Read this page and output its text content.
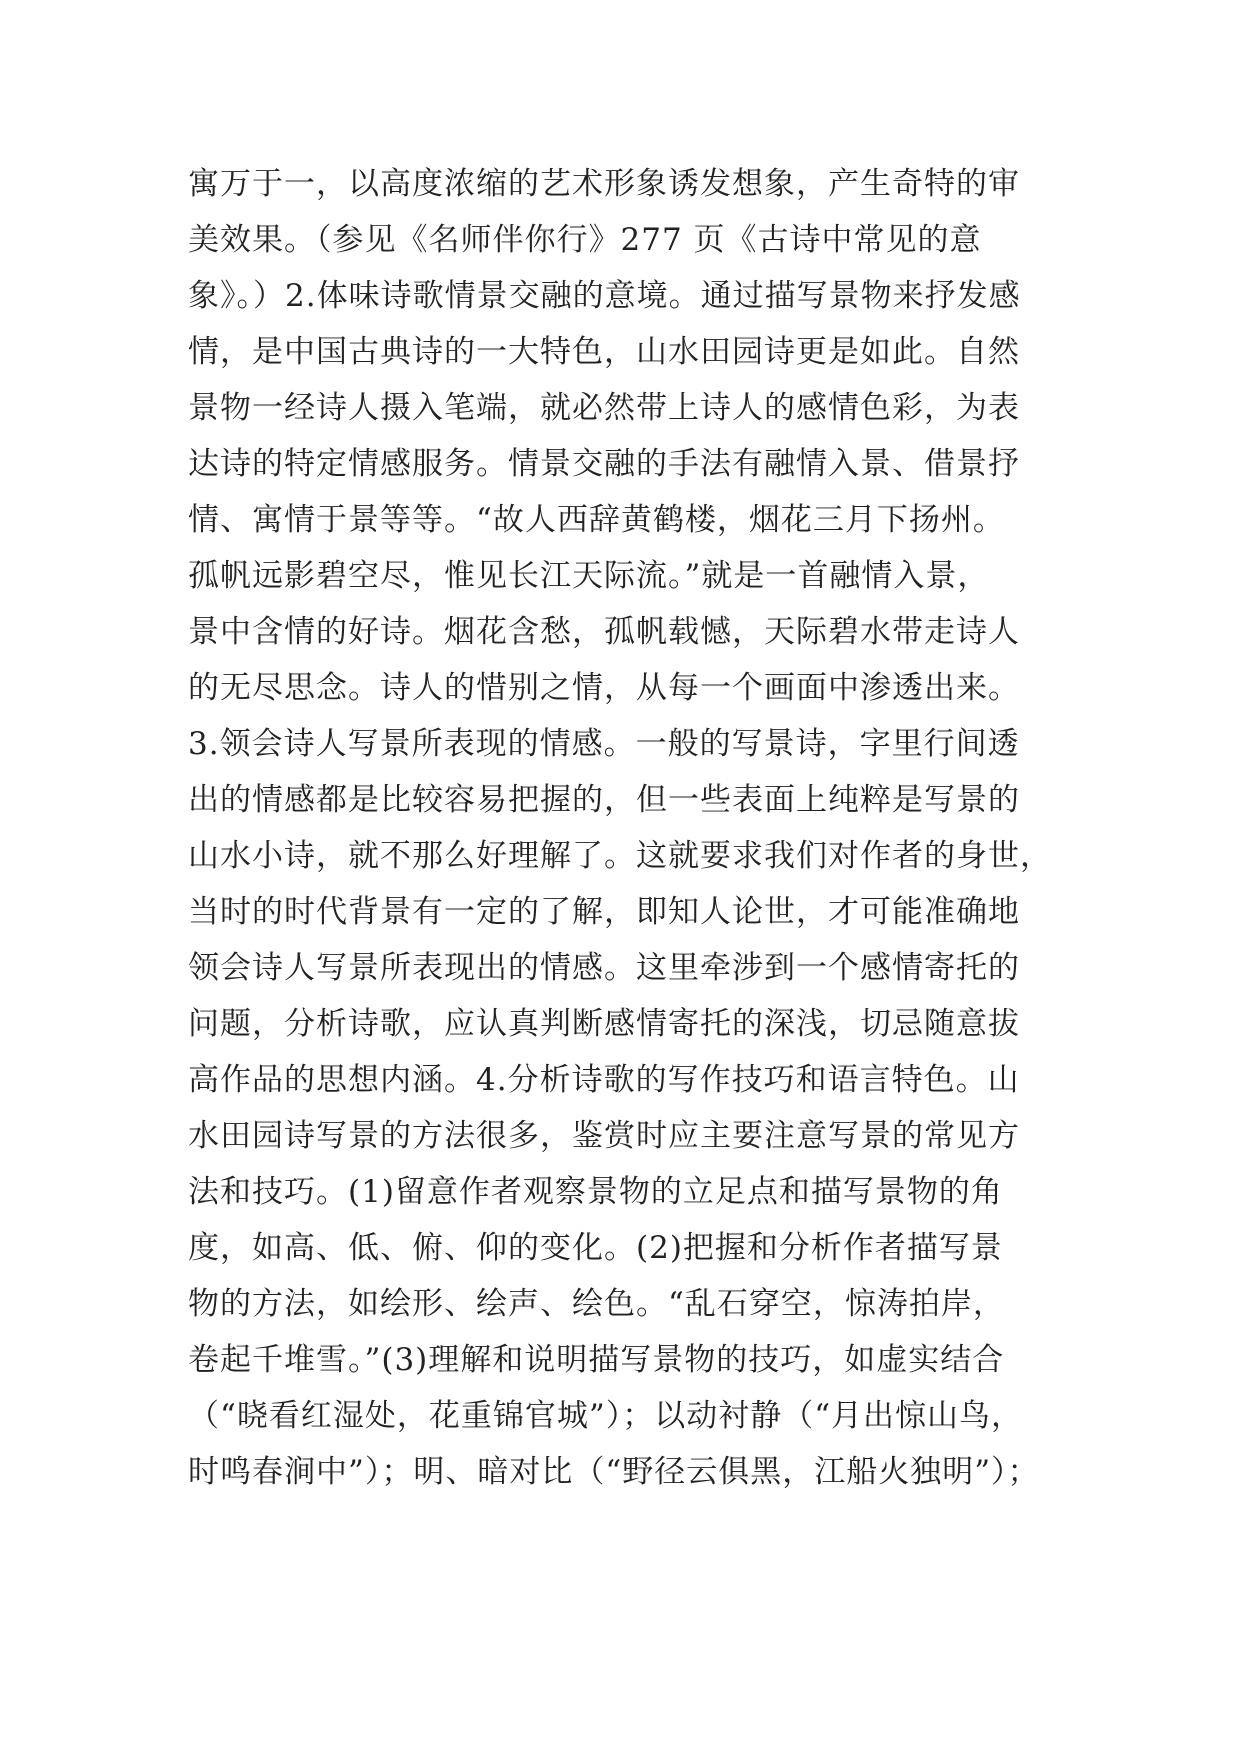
寓万于一，以高度浓缩的艺术形象诱发想象，产生奇特的审
美效果。（参见《名师伴你行》277 页《古诗中常见的意
象》。）2.体味诗歌情景交融的意境。通过描写景物来抒发感
情，是中国古典诗的一大特色，山水田园诗更是如此。自然
景物一经诗人摄入笔端，就必然带上诗人的感情色彩，为表
达诗的特定情感服务。情景交融的手法有融情入景、借景抒
情、寓情于景等等。“故人西辞黄鹤楼，烟花三月下扬州。
孤帆远影碧空尽，惟见长江天际流。”就是一首融情入景，
景中含情的好诗。烟花含愁，孤帆载憾，天际碧水带走诗人
的无尽思念。诗人的惜别之情，从每一个画面中渗透出来。
3.领会诗人写景所表现的情感。一般的写景诗，字里行间透
出的情感都是比较容易把握的，但一些表面上纯粹是写景的
山水小诗，就不那么好理解了。这就要求我们对作者的身世，
当时的时代背景有一定的了解，即知人论世，才可能准确地
领会诗人写景所表现出的情感。这里牵涉到一个感情寄托的
问题，分析诗歌，应认真判断感情寄托的深浅，切忌随意拔
高作品的思想内涵。4.分析诗歌的写作技巧和语言特色。山
水田园诗写景的方法很多，鉴赏时应主要注意写景的常见方
法和技巧。(1)留意作者观察景物的立足点和描写景物的角
度，如高、低、俯、仰的变化。(2)把握和分析作者描写景
物的方法，如绘形、绘声、绘色。“乱石穿空，惊涛拍岸，
卷起千堆雪。”(3)理解和说明描写景物的技巧，如虚实结合
（“晓看红湿处，花重锦官城”）；以动衬静（“月出惊山鸟，
时鸣春涧中”）；明、暗对比（“野径云俱黑，江船火独明”）；
